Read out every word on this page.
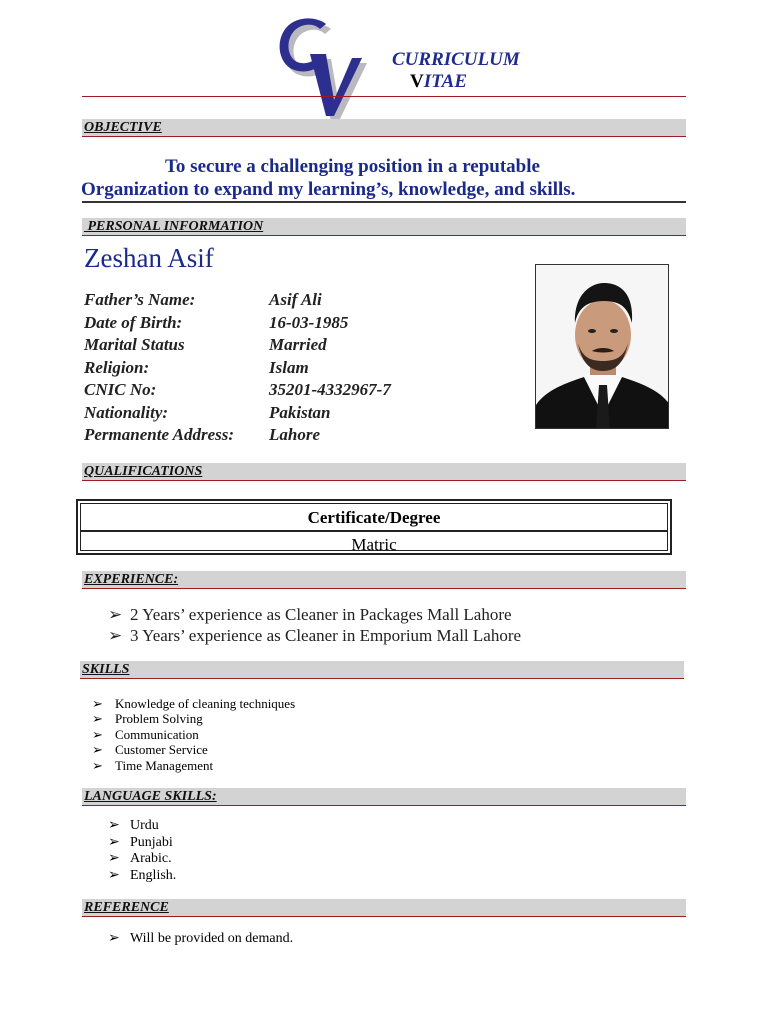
CURRICULUM
VITAE
OBJECTIVE
To secure a challenging position in a reputable
Organization to expand my learning’s, knowledge, and skills.
PERSONAL INFORMATION
Zeshan Asif
Father’s Name:	Asif Ali
Date of Birth:	16-03-1985
Marital Status	Married
Religion:	Islam
CNIC No:	35201-4332967-7
Nationality:	Pakistan
Permanente Address: Lahore
QUALIFICATIONS
Certificate/Degree
Matric
EXPERIENCE:
➢ 2 Years’ experience as Cleaner in Packages Mall Lahore
➢ 3 Years’ experience as Cleaner in Emporium Mall Lahore
SKILLS
➢ Knowledge of cleaning techniques
➢ Problem Solving
➢ Communication
➢ Customer Service
➢ Time Management
LANGUAGE SKILLS:
➢ Urdu
➢ Punjabi
➢ Arabic.
➢ English.
REFERENCE
➢ Will be provided on demand.
